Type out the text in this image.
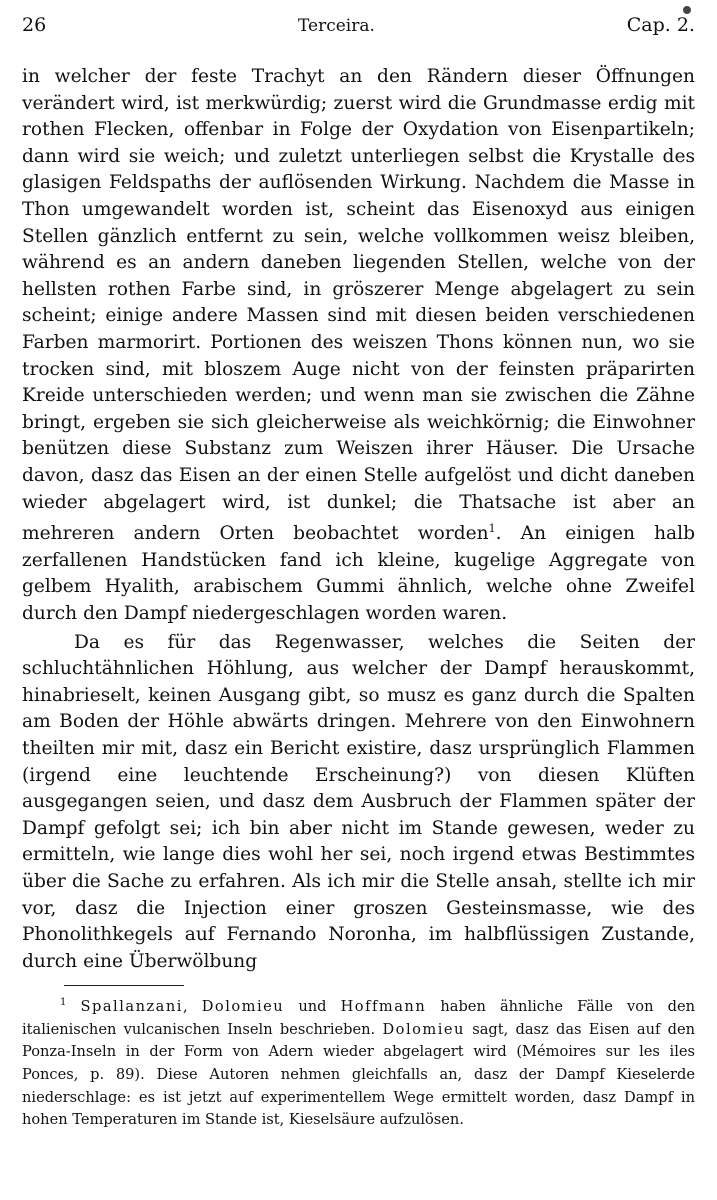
26	Terceira.	Cap. 2.

in welcher der feste Trachyt an den Rändern dieser Öffnungen verändert wird, ist merkwürdig; zuerst wird die Grundmasse erdig mit rothen Flecken, offenbar in Folge der Oxydation von Eisenpartikeln; dann wird sie weich; und zuletzt unterliegen selbst die Krystalle des glasigen Feldspaths der auflösenden Wirkung. Nachdem die Masse in Thon umgewandelt worden ist, scheint das Eisenoxyd aus einigen Stellen gänzlich entfernt zu sein, welche vollkommen weisz bleiben, während es an andern daneben liegenden Stellen, welche von der hellsten rothen Farbe sind, in gröszerer Menge abgelagert zu sein scheint; einige andere Massen sind mit diesen beiden verschiedenen Farben marmorirt. Portionen des weiszen Thons können nun, wo sie trocken sind, mit bloszem Auge nicht von der feinsten präparirten Kreide unterschieden werden; und wenn man sie zwischen die Zähne bringt, ergeben sie sich gleicherweise als weichkörnig; die Einwohner benützen diese Substanz zum Weiszen ihrer Häuser. Die Ursache davon, dasz das Eisen an der einen Stelle aufgelöst und dicht daneben wieder abgelagert wird, ist dunkel; die Thatsache ist aber an mehreren andern Orten beobachtet worden$^1$. An einigen halb zerfallenen Handstücken fand ich kleine, kugelige Aggregate von gelbem Hyalith, arabischem Gummi ähnlich, welche ohne Zweifel durch den Dampf niedergeschlagen worden waren.

Da es für das Regenwasser, welches die Seiten der schluchtähnlichen Höhlung, aus welcher der Dampf herauskommt, hinabrieselt, keinen Ausgang gibt, so musz es ganz durch die Spalten am Boden der Höhle abwärts dringen. Mehrere von den Einwohnern theilten mir mit, dasz ein Bericht existire, dasz ursprünglich Flammen (irgend eine leuchtende Erscheinung?) von diesen Klüften ausgegangen seien, und dasz dem Ausbruch der Flammen später der Dampf gefolgt sei; ich bin aber nicht im Stande gewesen, weder zu ermitteln, wie lange dies wohl her sei, noch irgend etwas Bestimmtes über die Sache zu erfahren. Als ich mir die Stelle ansah, stellte ich mir vor, dasz die Injection einer groszen Gesteinsmasse, wie des Phonolithkegels auf Fernando Noronha, im halbflüssigen Zustande, durch eine Überwölbung

$^1$ Spallanzani, Dolomieu und Hoffmann haben ähnliche Fälle von den italienischen vulcanischen Inseln beschrieben. Dolomieu sagt, dasz das Eisen auf den Ponza-Inseln in der Form von Adern wieder abgelagert wird (Mémoires sur les iles Ponces, p. 89). Diese Autoren nehmen gleichfalls an, dasz der Dampf Kieselerde niederschlage: es ist jetzt auf experimentellem Wege ermittelt worden, dasz Dampf in hohen Temperaturen im Stande ist, Kieselsäure aufzulösen.
